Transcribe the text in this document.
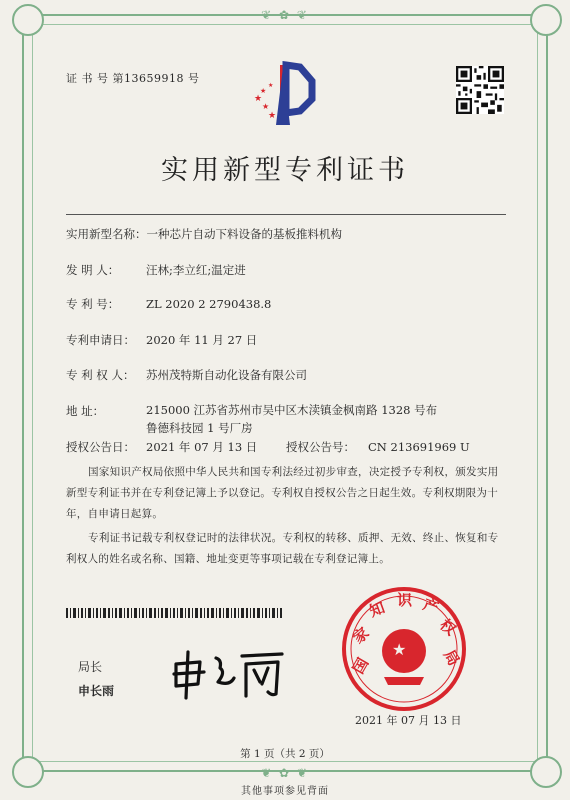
❦ ✿ ❦
证 书 号 第13659918 号
★
★
★
★
★
实用新型专利证书
实用新型名称：一种芯片自动下料设备的基板推料机构
发 明 人： 汪林;李立红;温定进
专 利 号： ZL 2020 2 2790438.8
专利申请日： 2020 年 11 月 27 日
专 利 权 人： 苏州茂特斯自动化设备有限公司
地 址：	215000 江苏省苏州市吴中区木渎镇金枫南路 1328 号布鲁德科技园 1 号厂房
授权公告日： 2021 年 07 月 13 日 授权公告号： CN 213691969 U
国家知识产权局依照中华人民共和国专利法经过初步审查，决定授予专利权，颁发实用新型专利证书并在专利登记簿上予以登记。专利权自授权公告之日起生效。专利权期限为十年，自申请日起算。
专利证书记载专利权登记时的法律状况。专利权的转移、质押、无效、终止、恢复和专利权人的姓名或名称、国籍、地址变更等事项记载在专利登记簿上。
局长
申长雨
国
家
知 识 产
权
局
★
2021 年 07 月 13 日
第 1 页（共 2 页）
❦ ✿ ❦
其他事项参见背面
